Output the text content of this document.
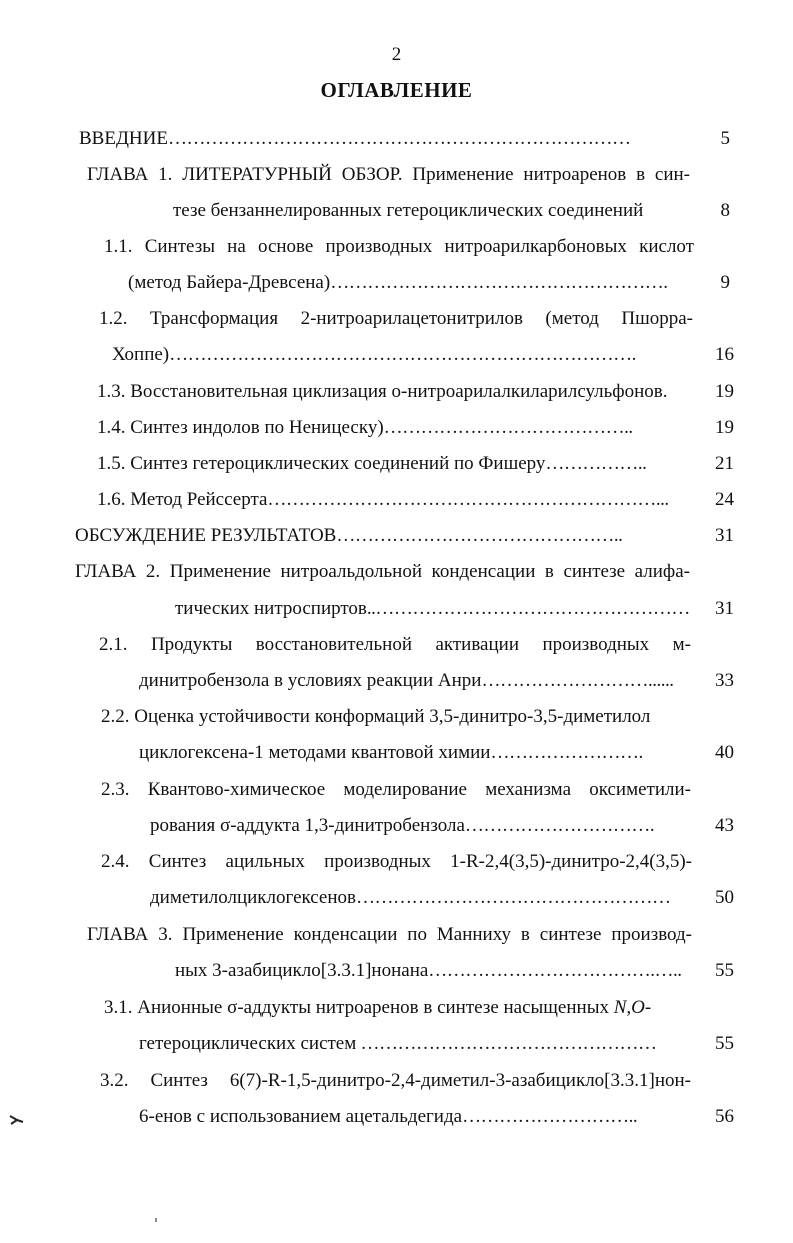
2
ОГЛАВЛЕНИЕ
ВВЕДНИЕ…………………………………………………………………	5
ГЛАВА 1. ЛИТЕРАТУРНЫЙ ОБЗОР. Применение нитроаренов в син-
тезе бензаннелированных гетероциклических соединений	8
1.1. Синтезы на основе производных нитроарилкарбоновых кислот
(метод Байера-Древсена)……………………………………………….	9
1.2. Трансформация 2-нитроарилацетонитрилов (метод Пшорра-
Хоппе)………………………………………………………………….	16
1.3. Восстановительная циклизация о-нитроарилалкиларилсульфонов.	19
1.4. Синтез индолов по Неницеску)…………………………………..	19
1.5. Синтез гетероциклических соединений по Фишеру……………..	21
1.6. Метод Рейссерта………………………………………………………...	24
ОБСУЖДЕНИЕ РЕЗУЛЬТАТОВ………………………………………..	31
ГЛАВА 2. Применение нитроальдольной конденсации в синтезе алифа-
тических нитроспиртов..……………………………………………	31
2.1. Продукты восстановительной активации производных м-
динитробензола в условиях реакции Анри………………………......	33
2.2. Оценка устойчивости конформаций 3,5-динитро-3,5-диметилол
циклогексена-1 методами квантовой химии…………………….	40
2.3. Квантово-химическое моделирование механизма оксиметили-
рования σ-аддукта 1,3-динитробензола………………………….	43
2.4. Синтез ацильных производных 1-R-2,4(3,5)-динитро-2,4(3,5)-
диметилолциклогексенов……………………………………………	50
ГЛАВА 3. Применение конденсации по Манниху в синтезе производ-
ных 3-азабицикло[3.3.1]нонана……………………………….…..	55
3.1. Анионные σ-аддукты нитроаренов в синтезе насыщенных N,O-
гетероциклических систем …………………………………………	55
3.2. Синтез 6(7)-R-1,5-динитро-2,4-диметил-3-азабицикло[3.3.1]нон-
6-енов с использованием ацетальдегида………………………..	56
